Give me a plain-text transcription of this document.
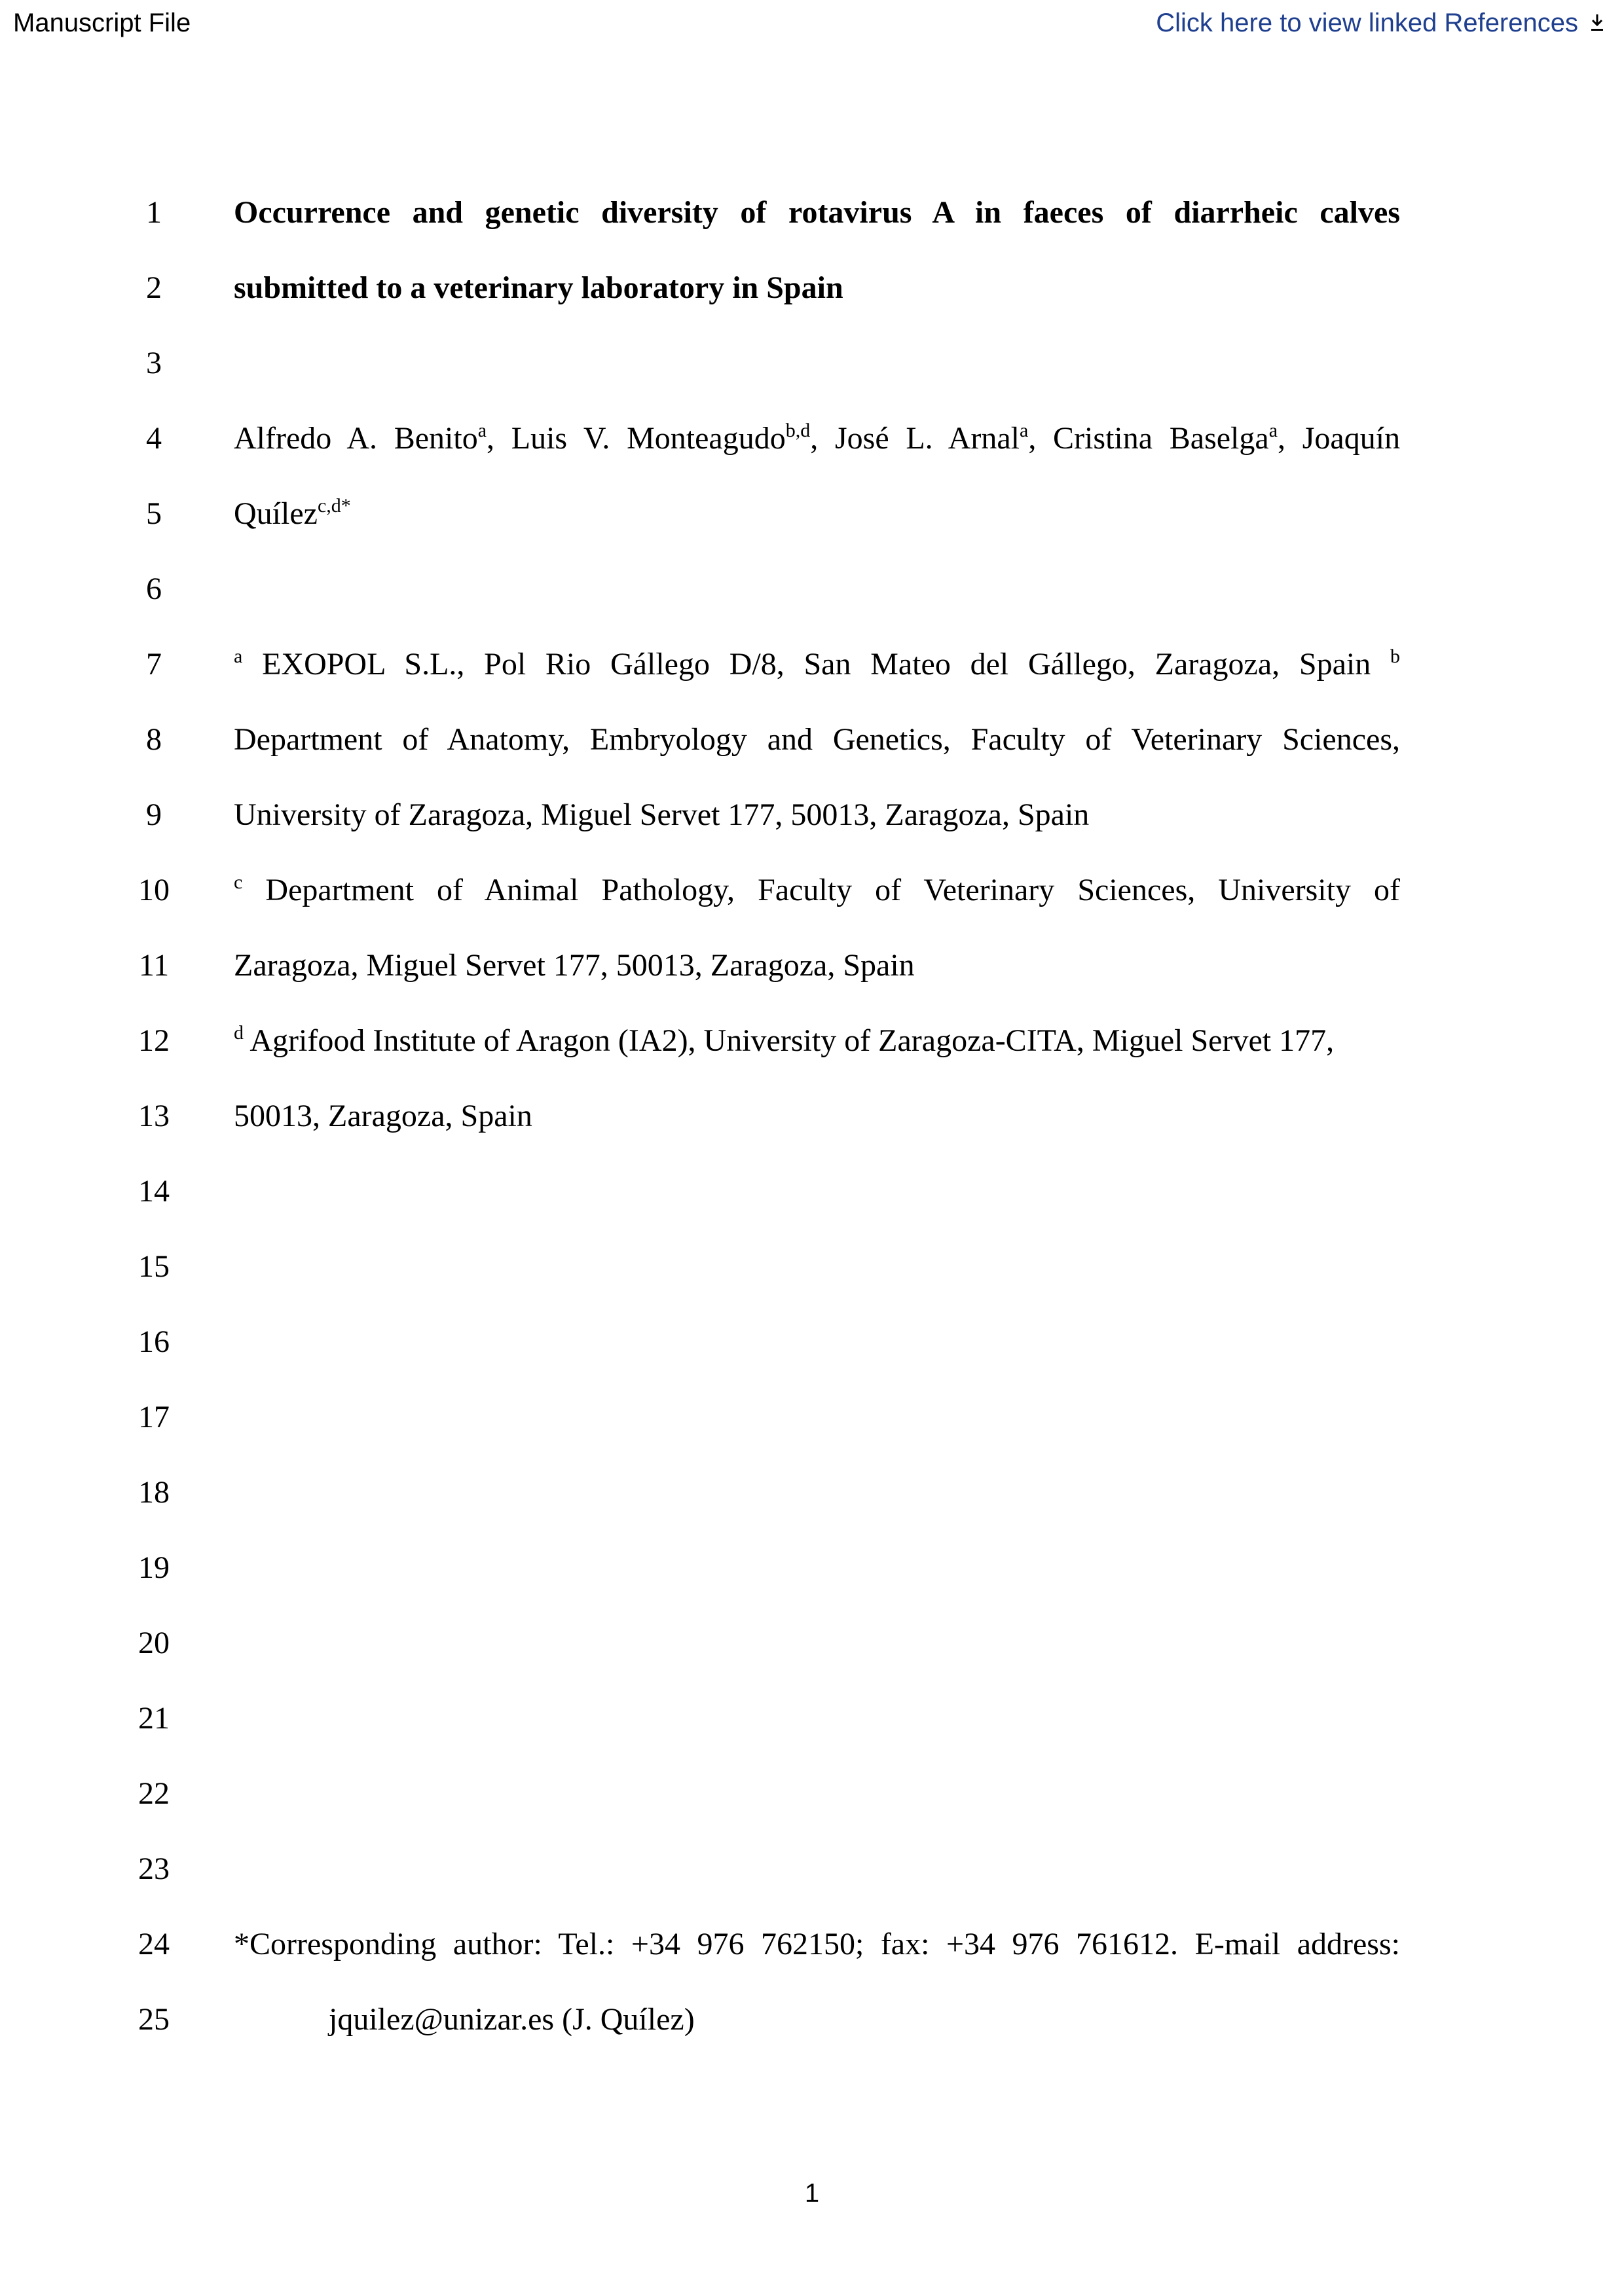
Manuscript File	Click here to view linked References
1
2
3
4
5
6
7
8
9
10
11
12
13
14
15
16
17
18
19
20
21
22
23
24
25
Occurrence and genetic diversity of rotavirus A in faeces of diarrheic calves
submitted to a veterinary laboratory in Spain
Alfredo A. Benito$^a$, Luis V. Monteagudo$^{b,d}$, José L. Arnal$^a$, Cristina Baselga$^a$, Joaquín
Quílez$^{c,d*}$
$^a$ EXOPOL S.L., Pol Rio Gállego D/8, San Mateo del Gállego, Zaragoza, Spain $^b$
Department of Anatomy, Embryology and Genetics, Faculty of Veterinary Sciences,
University of Zaragoza, Miguel Servet 177, 50013, Zaragoza, Spain
$^c$ Department of Animal Pathology, Faculty of Veterinary Sciences, University of
Zaragoza, Miguel Servet 177, 50013, Zaragoza, Spain
$^d$ Agrifood Institute of Aragon (IA2), University of Zaragoza-CITA, Miguel Servet 177,
50013, Zaragoza, Spain
*Corresponding author: Tel.: +34 976 762150; fax: +34 976 761612. E-mail address:
jquilez@unizar.es (J. Quílez)
1
